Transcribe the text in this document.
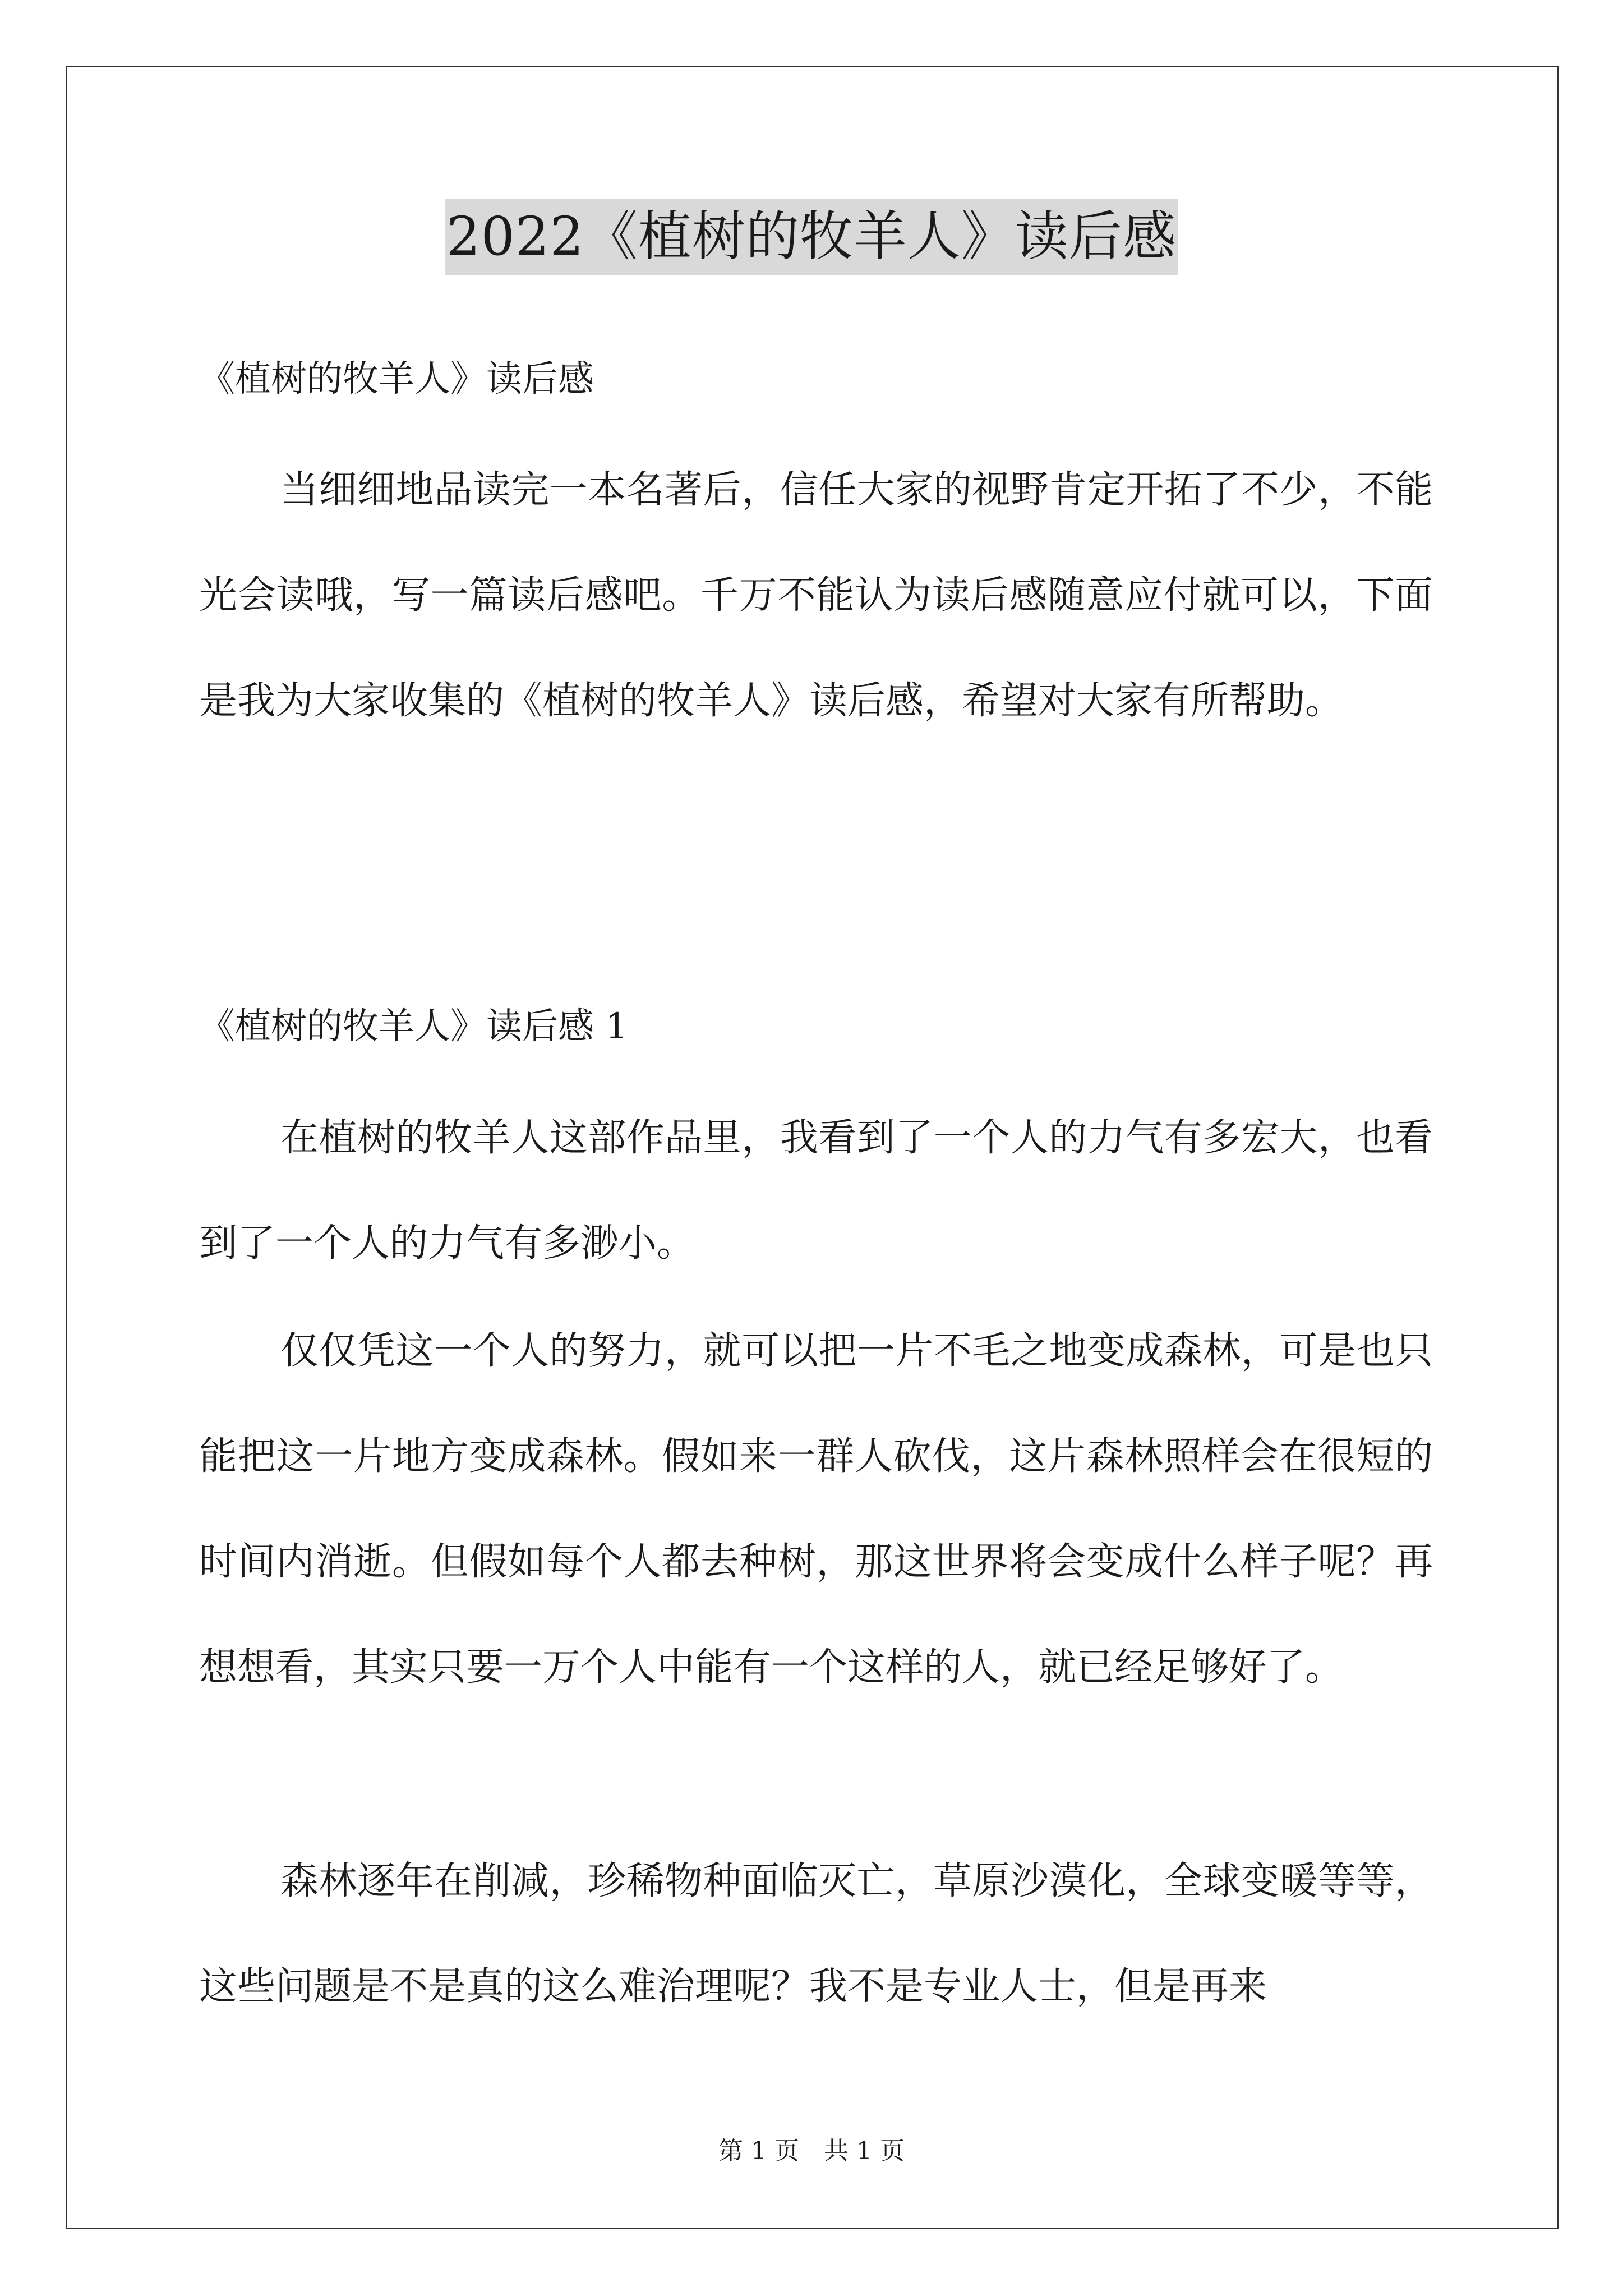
2022《植树的牧羊人》读后感
《植树的牧羊人》读后感

当细细地品读完一本名著后，信任大家的视野肯定开拓了不少，不能光会读哦，写一篇读后感吧。千万不能认为读后感随意应付就可以，下面是我为大家收集的《植树的牧羊人》读后感，希望对大家有所帮助。

《植树的牧羊人》读后感 1

在植树的牧羊人这部作品里，我看到了一个人的力气有多宏大，也看到了一个人的力气有多渺小。

仅仅凭这一个人的努力，就可以把一片不毛之地变成森林，可是也只能把这一片地方变成森林。假如来一群人砍伐，这片森林照样会在很短的时间内消逝。但假如每个人都去种树，那这世界将会变成什么样子呢？再想想看，其实只要一万个人中能有一个这样的人，就已经足够好了。

森林逐年在削减，珍稀物种面临灭亡，草原沙漠化，全球变暖等等，这些问题是不是真的这么难治理呢？我不是专业人士，但是再来

第 1 页　共 1 页
